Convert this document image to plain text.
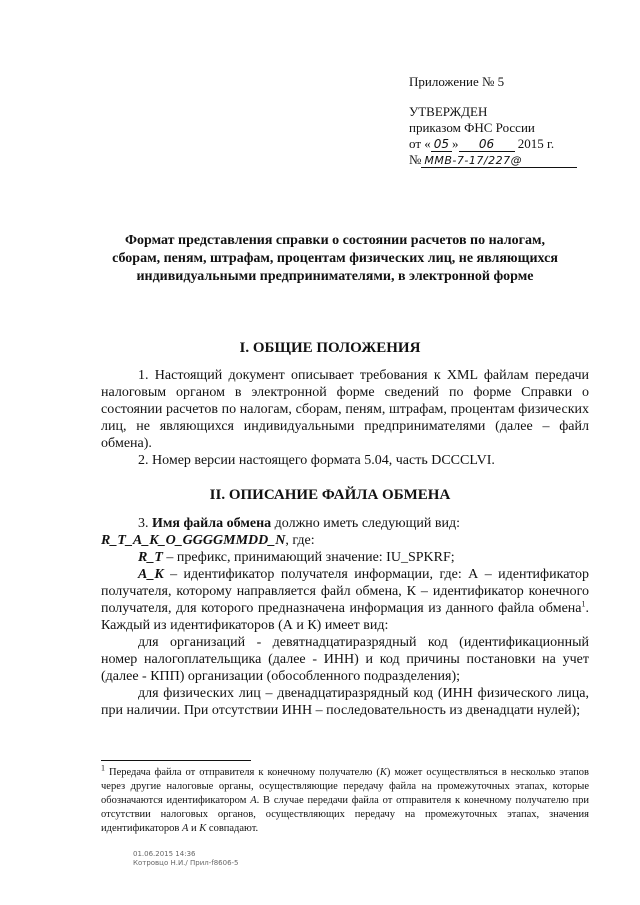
Приложение № 5
УТВЕРЖДЕН
приказом ФНС России
от « 05 » 06 2015 г.
№ ММВ-7-17/227@
Формат представления справки о состоянии расчетов по налогам, сборам, пеням, штрафам, процентам физических лиц, не являющихся индивидуальными предпринимателями, в электронной форме
I. ОБЩИЕ ПОЛОЖЕНИЯ

1. Настоящий документ описывает требования к XML файлам передачи налоговым органом в электронной форме сведений по форме Справки о состоянии расчетов по налогам, сборам, пеням, штрафам, процентам физических лиц, не являющихся индивидуальными предпринимателями (далее – файл обмена).

2. Номер версии настоящего формата 5.04, часть DCCCLVI.

II. ОПИСАНИЕ ФАЙЛА ОБМЕНА

3. Имя файла обмена должно иметь следующий вид:

R_T_A_K_O_GGGGMMDD_N, где:

R_T – префикс, принимающий значение: IU_SPKRF;

A_K – идентификатор получателя информации, где: А – идентификатор получателя, которому направляется файл обмена, К – идентификатор конечного получателя, для которого предназначена информация из данного файла обмена$^1$. Каждый из идентификаторов (А и К) имеет вид:

для организаций - девятнадцатиразрядный код (идентификационный номер налогоплательщика (далее - ИНН) и код причины постановки на учет (далее - КПП) организации (обособленного подразделения);

для физических лиц – двенадцатиразрядный код (ИНН физического лица, при наличии. При отсутствии ИНН – последовательность из двенадцати нулей);

$^1$ Передача файла от отправителя к конечному получателю (К) может осуществляться в несколько этапов через другие налоговые органы, осуществляющие передачу файла на промежуточных этапах, которые обозначаются идентификатором А. В случае передачи файла от отправителя к конечному получателю при отсутствии налоговых органов, осуществляющих передачу на промежуточных этапах, значения идентификаторов А и К совпадают.
01.06.2015 14:36
Котровцо Н.И./ Прил-f8606-5
